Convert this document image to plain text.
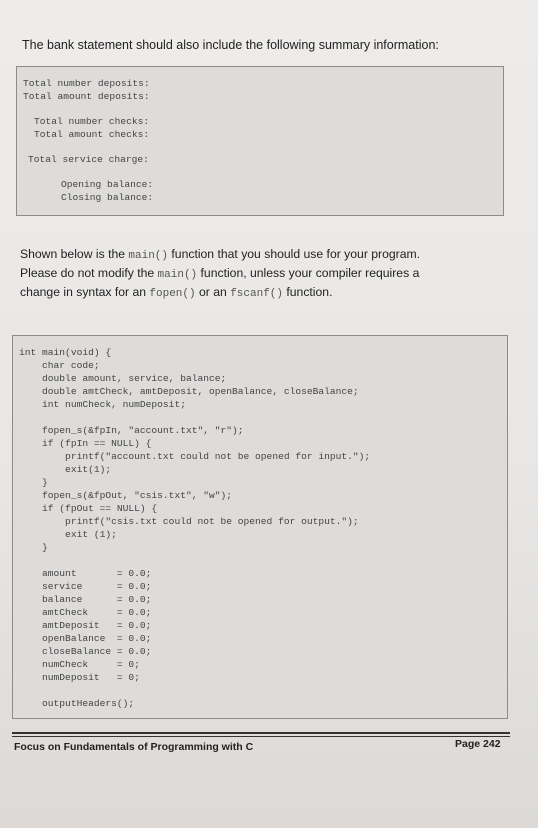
The bank statement should also include the following summary information:

Total number deposits:

Total amount deposits:

Total number checks:

Total amount checks:

Total service charge:

Opening balance:

Closing balance:

Shown below is the main() function that you should use for your program.
Please do not modify the main() function, unless your compiler requires a
change in syntax for an fopen() or an fscanf() function.

int main(void) {

char code;

double amount, service, balance;

double amtCheck, amtDeposit, openBalance, closeBalance;

int numCheck, numDeposit;

fopen_s(&fpIn, "account.txt", "r");

if (fpIn == NULL) {

printf("account.txt could not be opened for input.");

exit(1);

}

fopen_s(&fpOut, "csis.txt", "w");

if (fpOut == NULL) {

printf("csis.txt could not be opened for output.");

exit (1);

}

amount       = 0.0;

service      = 0.0;

balance      = 0.0;

amtCheck     = 0.0;

amtDeposit   = 0.0;

openBalance  = 0.0;

closeBalance = 0.0;

numCheck     = 0;

numDeposit   = 0;

outputHeaders();

Focus on Fundamentals of Programming with C	Page 242
